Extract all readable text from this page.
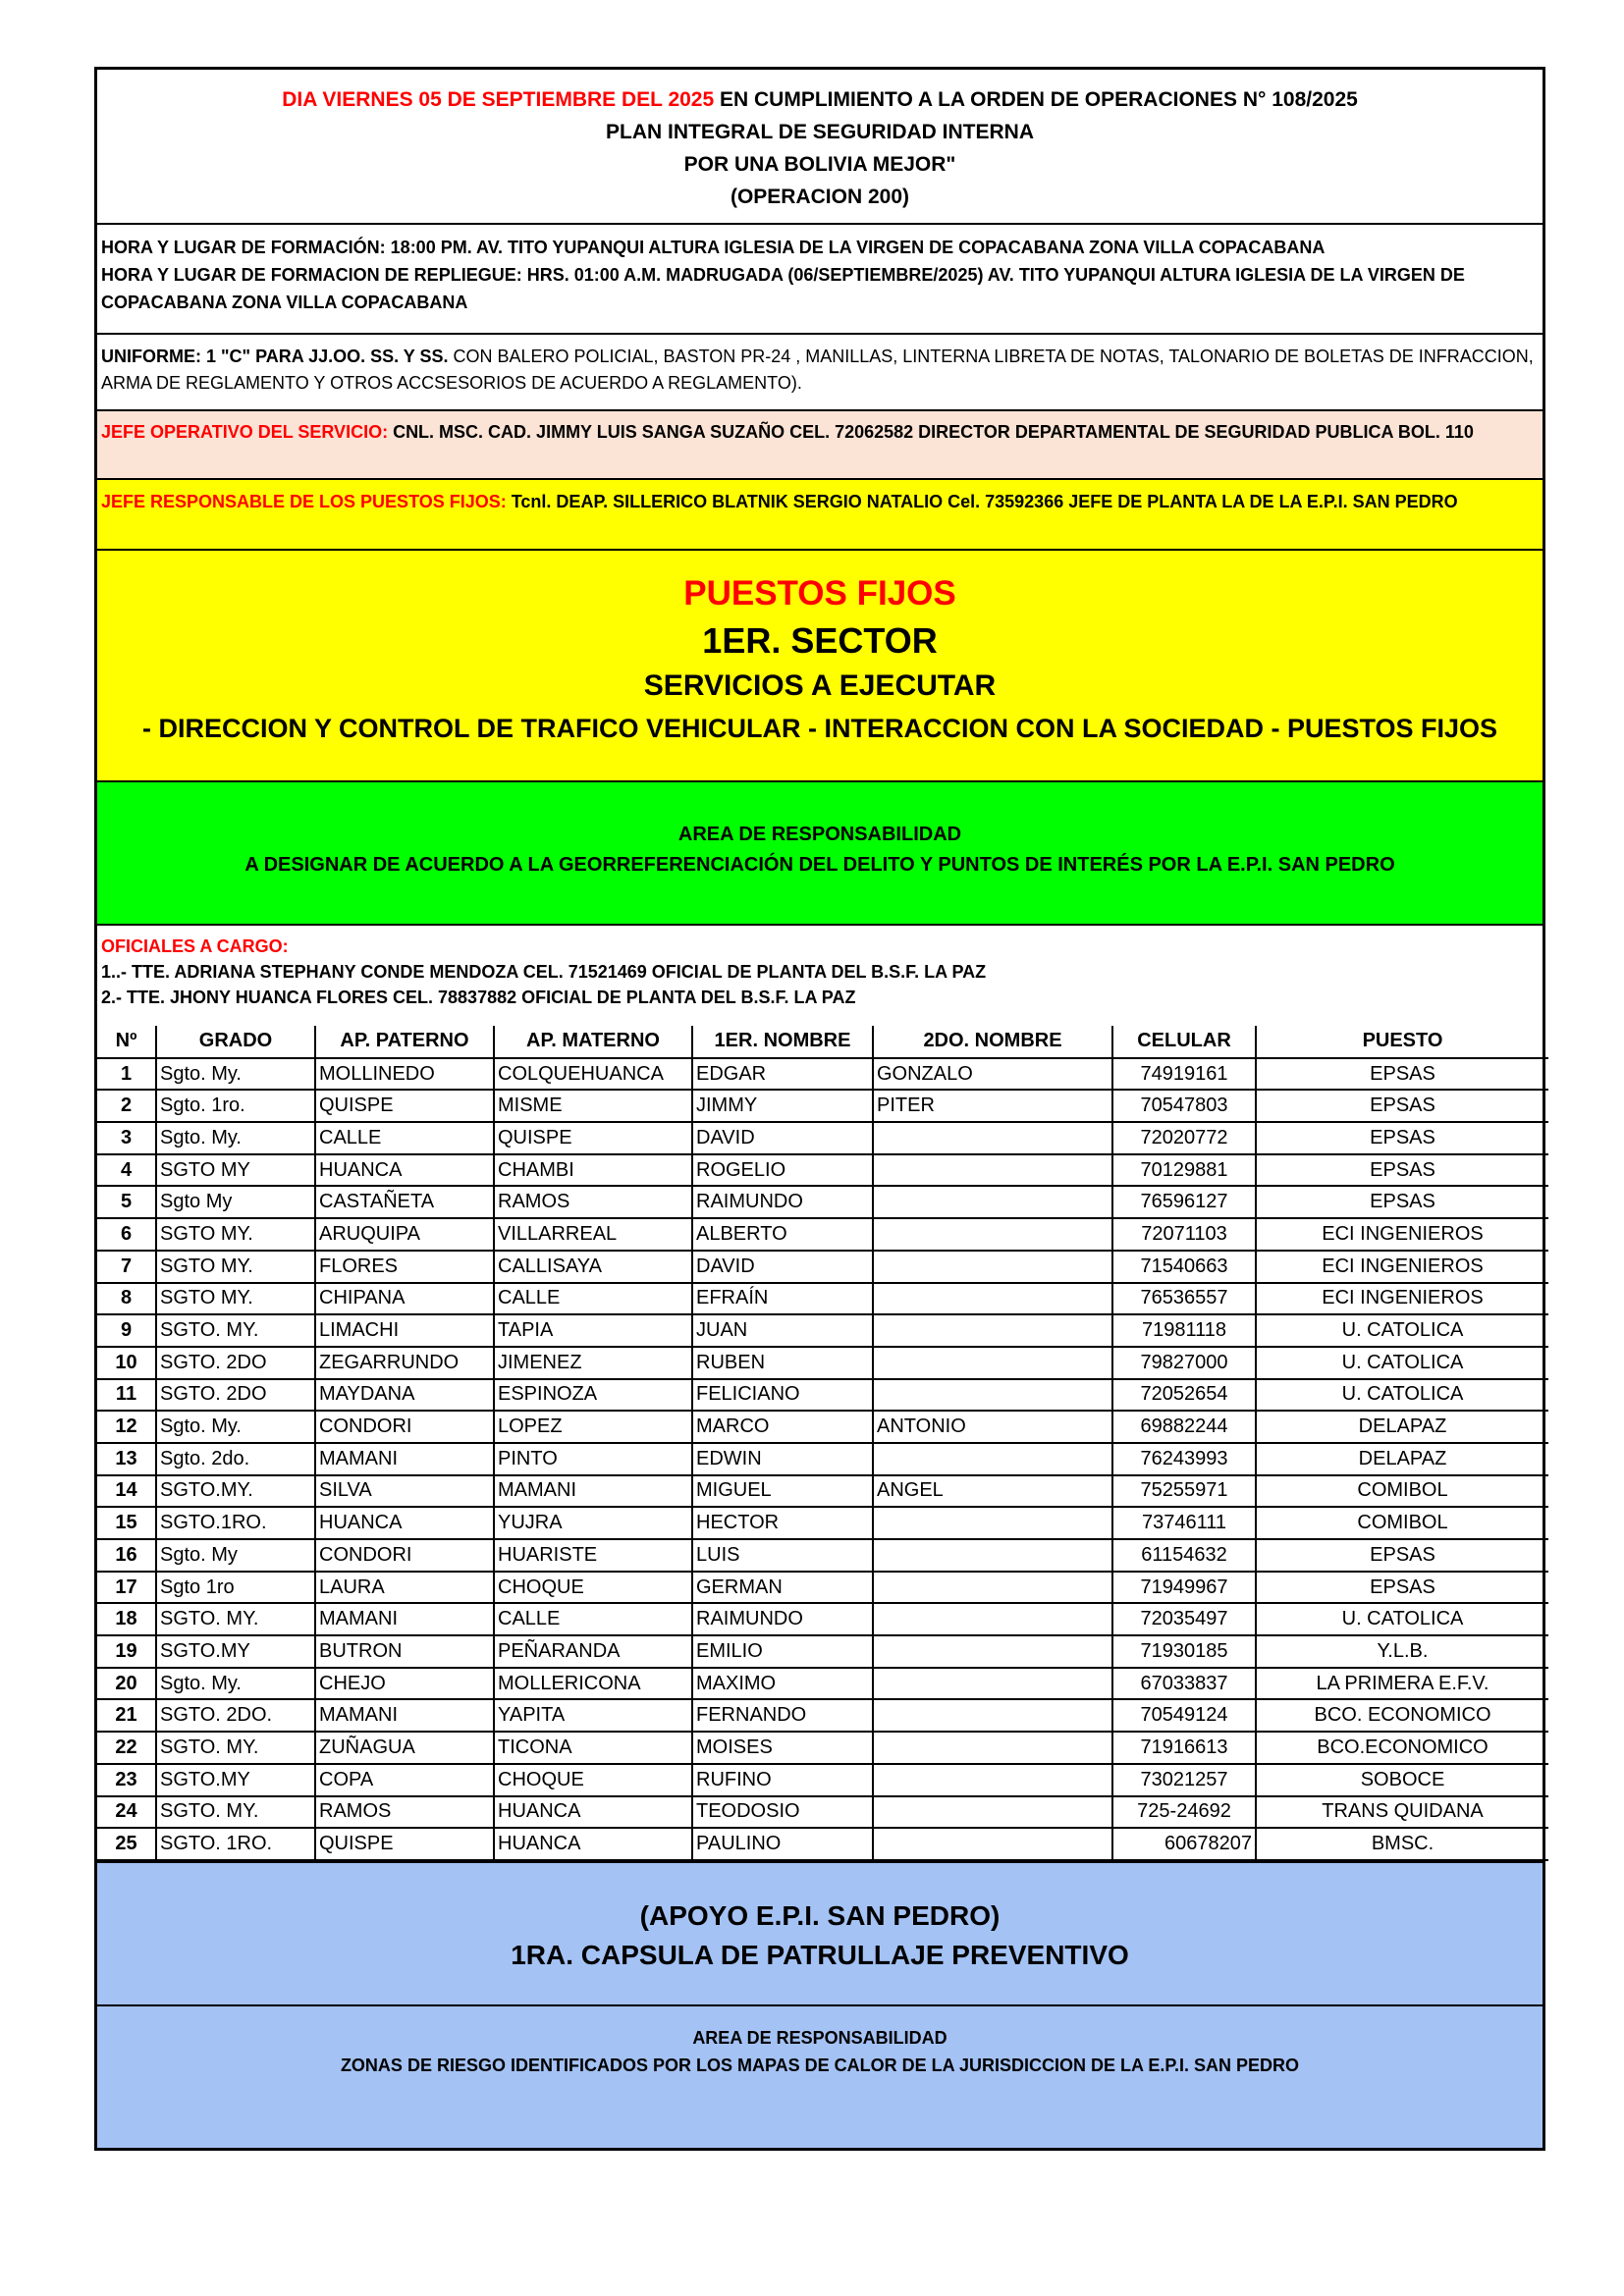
DIA VIERNES 05 DE SEPTIEMBRE DEL 2025 EN CUMPLIMIENTO A LA ORDEN DE OPERACIONES N° 108/2025
PLAN INTEGRAL DE SEGURIDAD INTERNA
POR UNA BOLIVIA MEJOR"
(OPERACION 200)
HORA Y LUGAR DE FORMACIÓN: 18:00 PM. AV. TITO YUPANQUI ALTURA IGLESIA DE LA VIRGEN DE COPACABANA ZONA VILLA COPACABANA
HORA Y LUGAR DE FORMACION DE REPLIEGUE: HRS. 01:00 A.M. MADRUGADA (06/SEPTIEMBRE/2025) AV. TITO YUPANQUI ALTURA IGLESIA DE LA VIRGEN DE COPACABANA ZONA VILLA COPACABANA
UNIFORME: 1 "C" PARA JJ.OO. SS. Y SS. CON BALERO POLICIAL, BASTON PR-24 , MANILLAS, LINTERNA LIBRETA DE NOTAS, TALONARIO DE BOLETAS DE INFRACCION, ARMA DE REGLAMENTO Y OTROS ACCSESORIOS DE ACUERDO A REGLAMENTO).
JEFE OPERATIVO DEL SERVICIO: CNL. MSC. CAD. JIMMY LUIS SANGA SUZAÑO CEL. 72062582 DIRECTOR DEPARTAMENTAL DE SEGURIDAD PUBLICA BOL. 110
JEFE RESPONSABLE DE LOS PUESTOS FIJOS: Tcnl. DEAP. SILLERICO BLATNIK SERGIO NATALIO Cel. 73592366 JEFE DE PLANTA LA DE LA E.P.I. SAN PEDRO
PUESTOS FIJOS
1ER. SECTOR
SERVICIOS A EJECUTAR
- DIRECCION Y CONTROL DE TRAFICO VEHICULAR - INTERACCION CON LA SOCIEDAD - PUESTOS FIJOS
AREA DE RESPONSABILIDAD
A DESIGNAR DE ACUERDO A LA GEORREFERENCIACIÓN DEL DELITO Y PUNTOS DE INTERÉS POR LA E.P.I. SAN PEDRO
OFICIALES A CARGO:
1..- TTE. ADRIANA STEPHANY CONDE MENDOZA CEL. 71521469 OFICIAL DE PLANTA DEL B.S.F. LA PAZ
2.- TTE. JHONY HUANCA FLORES CEL. 78837882 OFICIAL DE PLANTA DEL B.S.F. LA PAZ
Nº	GRADO	AP. PATERNO	AP. MATERNO	1ER. NOMBRE	2DO. NOMBRE	CELULAR	PUESTO
1	Sgto. My.	MOLLINEDO	COLQUEHUANCA	EDGAR	GONZALO	74919161	EPSAS
2	Sgto. 1ro.	QUISPE	MISME	JIMMY	PITER	70547803	EPSAS
3	Sgto. My.	CALLE	QUISPE	DAVID		72020772	EPSAS
4	SGTO MY	HUANCA	CHAMBI	ROGELIO		70129881	EPSAS
5	Sgto My	CASTAÑETA	RAMOS	RAIMUNDO		76596127	EPSAS
6	SGTO MY.	ARUQUIPA	VILLARREAL	ALBERTO		72071103	ECI INGENIEROS
7	SGTO MY.	FLORES	CALLISAYA	DAVID		71540663	ECI INGENIEROS
8	SGTO MY.	CHIPANA	CALLE	EFRAÍN		76536557	ECI INGENIEROS
9	SGTO. MY.	LIMACHI	TAPIA	JUAN		71981118	U. CATOLICA
10	SGTO. 2DO	ZEGARRUNDO	JIMENEZ	RUBEN		79827000	U. CATOLICA
11	SGTO. 2DO	MAYDANA	ESPINOZA	FELICIANO		72052654	U. CATOLICA
12	Sgto. My.	CONDORI	LOPEZ	MARCO	ANTONIO	69882244	DELAPAZ
13	Sgto. 2do.	MAMANI	PINTO	EDWIN		76243993	DELAPAZ
14	SGTO.MY.	SILVA	MAMANI	MIGUEL	ANGEL	75255971	COMIBOL
15	SGTO.1RO.	HUANCA	YUJRA	HECTOR		73746111	COMIBOL
16	Sgto. My	CONDORI	HUARISTE	LUIS		61154632	EPSAS
17	Sgto 1ro	LAURA	CHOQUE	GERMAN		71949967	EPSAS
18	SGTO. MY.	MAMANI	CALLE	RAIMUNDO		72035497	U. CATOLICA
19	SGTO.MY	BUTRON	PEÑARANDA	EMILIO		71930185	Y.L.B.
20	Sgto. My.	CHEJO	MOLLERICONA	MAXIMO		67033837	LA PRIMERA E.F.V.
21	SGTO. 2DO.	MAMANI	YAPITA	FERNANDO		70549124	BCO. ECONOMICO
22	SGTO. MY.	ZUÑAGUA	TICONA	MOISES		71916613	BCO.ECONOMICO
23	SGTO.MY	COPA	CHOQUE	RUFINO		73021257	SOBOCE
24	SGTO. MY.	RAMOS	HUANCA	TEODOSIO		725-24692	TRANS QUIDANA
25	SGTO. 1RO.	QUISPE	HUANCA	PAULINO		60678207	BMSC.
(APOYO E.P.I. SAN PEDRO)
1RA. CAPSULA DE PATRULLAJE PREVENTIVO
AREA DE RESPONSABILIDAD
ZONAS DE RIESGO IDENTIFICADOS POR LOS MAPAS DE CALOR DE LA JURISDICCION DE LA E.P.I. SAN PEDRO
